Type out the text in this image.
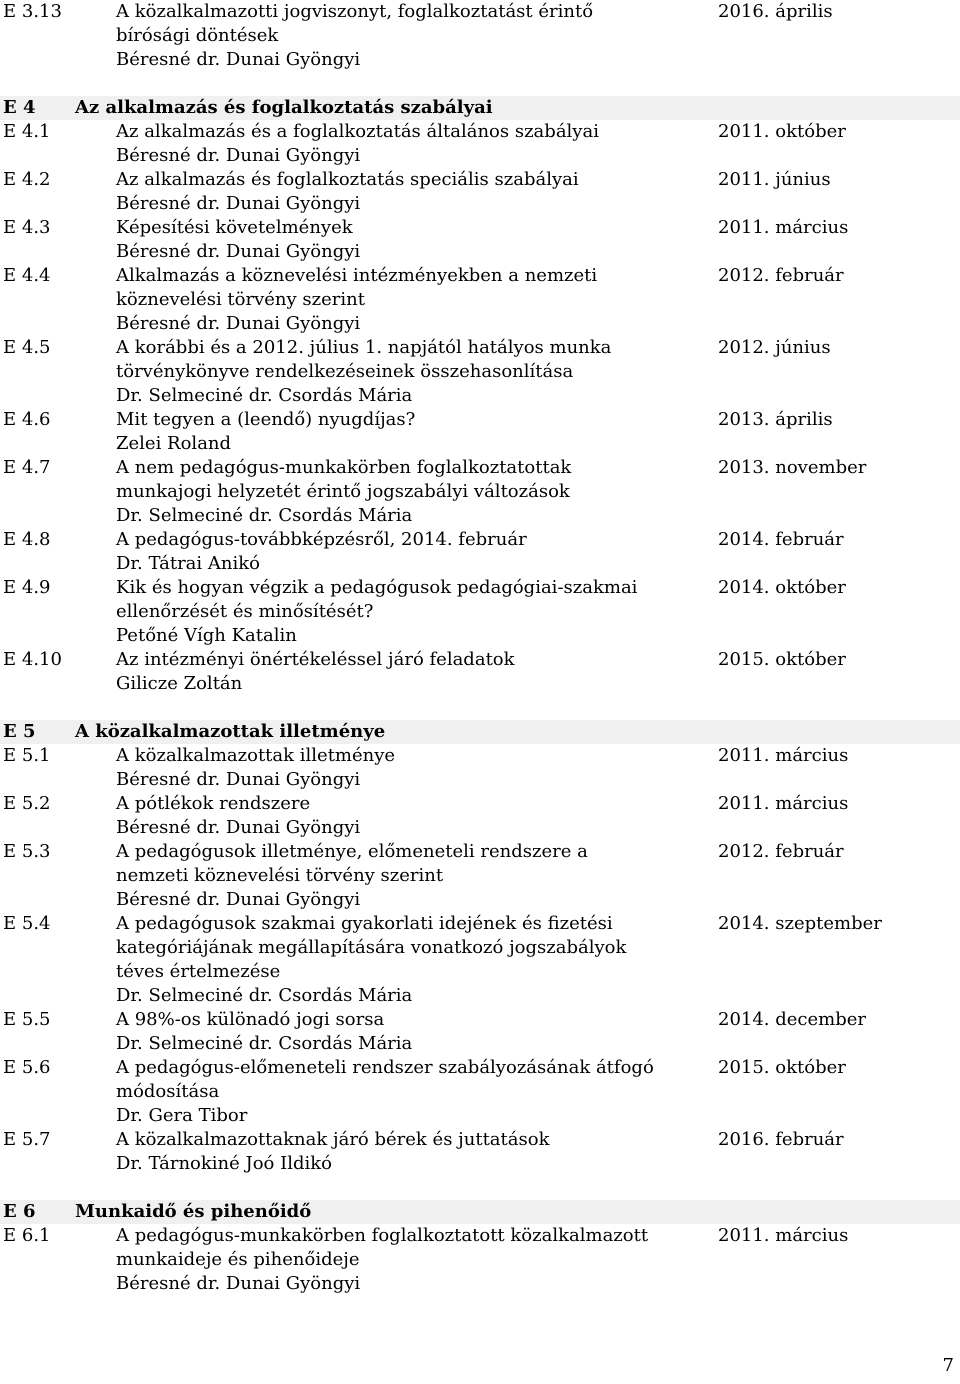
E 3.13	A közalkalmazotti jogviszonyt, foglalkoztatást érintő
bírósági döntések
Béresné dr. Dunai Gyöngyi
2016. április
E 4	Az alkalmazás és foglalkoztatás szabályai
E 4.1	Az alkalmazás és a foglalkoztatás általános szabályai
Béresné dr. Dunai Gyöngyi
2011. október
E 4.2	Az alkalmazás és foglalkoztatás speciális szabályai
Béresné dr. Dunai Gyöngyi
2011. június
E 4.3	Képesítési követelmények
Béresné dr. Dunai Gyöngyi
2011. március
E 4.4	Alkalmazás a köznevelési intézményekben a nemzeti
köznevelési törvény szerint
Béresné dr. Dunai Gyöngyi
2012. február
E 4.5	A korábbi és a 2012. július 1. napjától hatályos munka
törvénykönyve rendelkezéseinek összehasonlítása
Dr. Selmeciné dr. Csordás Mária
2012. június
E 4.6	Mit tegyen a (leendő) nyugdíjas?
Zelei Roland
2013. április
E 4.7	A nem pedagógus-munkakörben foglalkoztatottak
munkajogi helyzetét érintő jogszabályi változások
Dr. Selmeciné dr. Csordás Mária
2013. november
E 4.8	A pedagógus-továbbképzésről, 2014. február
Dr. Tátrai Anikó
2014. február
E 4.9	Kik és hogyan végzik a pedagógusok pedagógiai-szakmai
ellenőrzését és minősítését?
Petőné Vígh Katalin
2014. október
E 4.10	Az intézményi önértékeléssel járó feladatok
Gilicze Zoltán
2015. október
E 5	A közalkalmazottak illetménye
E 5.1	A közalkalmazottak illetménye
Béresné dr. Dunai Gyöngyi
2011. március
E 5.2	A pótlékok rendszere
Béresné dr. Dunai Gyöngyi
2011. március
E 5.3	A pedagógusok illetménye, előmeneteli rendszere a
nemzeti köznevelési törvény szerint
Béresné dr. Dunai Gyöngyi
2012. február
E 5.4	A pedagógusok szakmai gyakorlati idejének és fizetési
kategóriájának megállapítására vonatkozó jogszabályok
téves értelmezése
Dr. Selmeciné dr. Csordás Mária
2014. szeptember
E 5.5	A 98%-os különadó jogi sorsa
Dr. Selmeciné dr. Csordás Mária
2014. december
E 5.6	A pedagógus-előmeneteli rendszer szabályozásának átfogó
módosítása
Dr. Gera Tibor
2015. október
E 5.7	A közalkalmazottaknak járó bérek és juttatások
Dr. Tárnokiné Joó Ildikó
2016. február
E 6	Munkaidő és pihenőidő
E 6.1	A pedagógus-munkakörben foglalkoztatott közalkalmazott
munkaideje és pihenőideje
Béresné dr. Dunai Gyöngyi
2011. március
7
